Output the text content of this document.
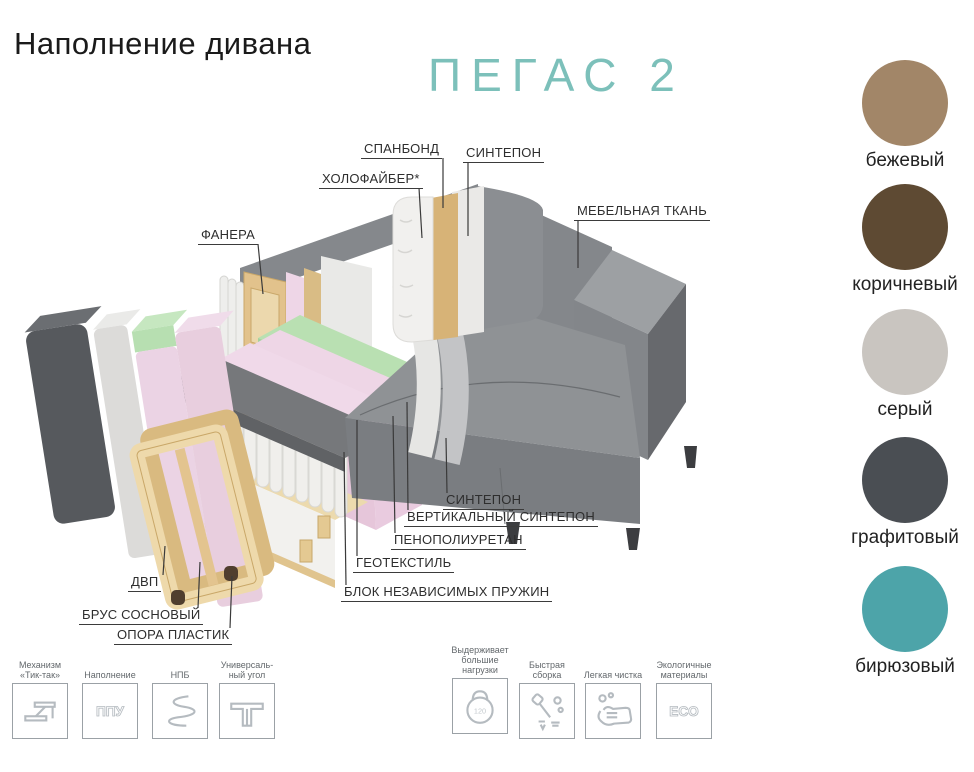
Наполнение дивана
ПЕГАС 2
СПАНБОНД СИНТЕПОН
ХОЛОФАЙБЕР*
ФАНЕРА
МЕБЕЛЬНАЯ ТКАНЬ
СИНТЕПОН
ВЕРТИКАЛЬНЫЙ СИНТЕПОН
ПЕНОПОЛИУРЕТАН
ГЕОТЕКСТИЛЬ
БЛОК НЕЗАВИСИМЫХ ПРУЖИН
ДВП
БРУС СОСНОВЫЙ
ОПОРА ПЛАСТИК
бежевый
коричневый
серый
графитовый
бирюзовый
Механизм
«Тик-так»	Наполнение
ППУ
НПБ
Универсаль-
ный угол
Выдерживает
большие
нагрузки
120
Быстрая
сборка	Легкая чистка
Экологичные
материалы
ECO
